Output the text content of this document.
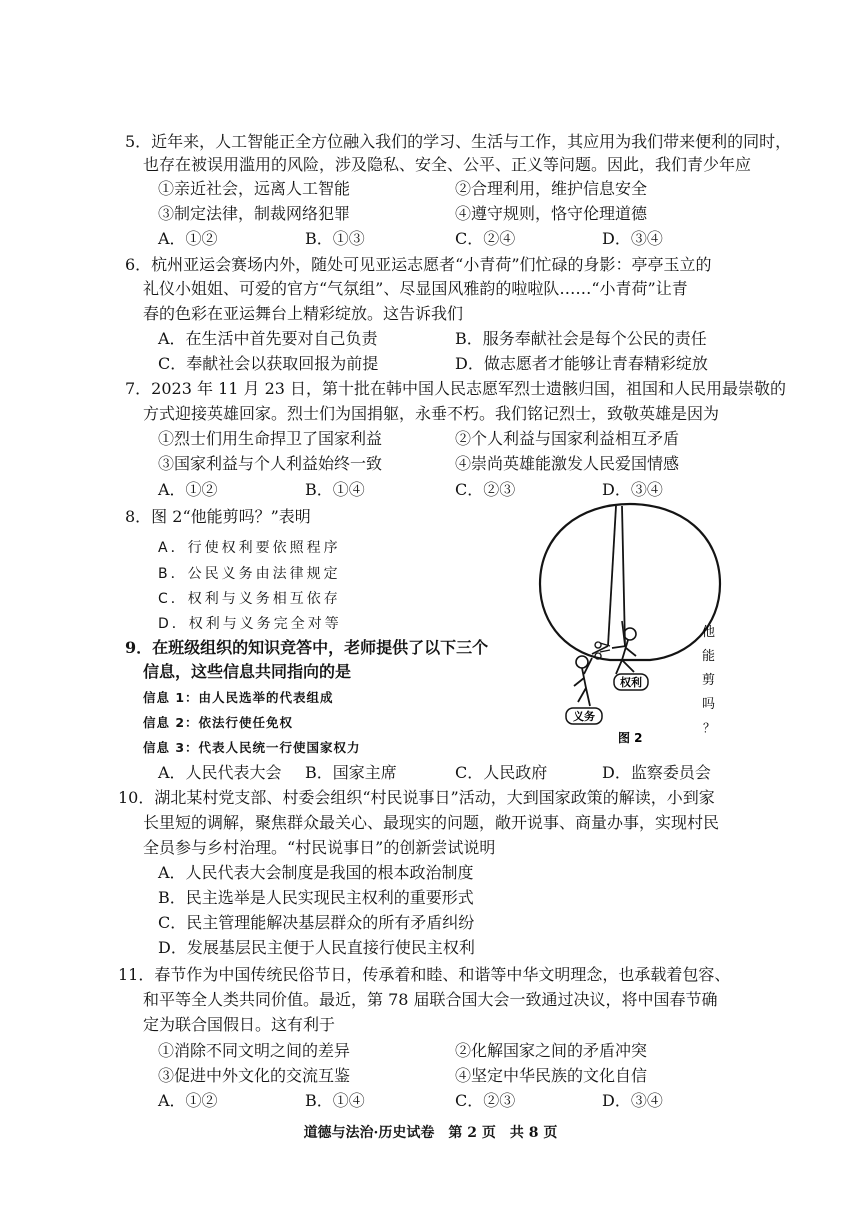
5．近年来，人工智能正全方位融入我们的学习、生活与工作，其应用为我们带来便利的同时，
也存在被误用滥用的风险，涉及隐私、安全、公平、正义等问题。因此，我们青少年应
①亲近社会，远离人工智能	②合理利用，维护信息安全
③制定法律，制裁网络犯罪	④遵守规则，恪守伦理道德
A．①②	B．①③	C．②④	D．③④
6．杭州亚运会赛场内外，随处可见亚运志愿者“小青荷”们忙碌的身影：亭亭玉立的
礼仪小姐姐、可爱的官方“气氛组”、尽显国风雅韵的啦啦队……“小青荷”让青
春的色彩在亚运舞台上精彩绽放。这告诉我们
A．在生活中首先要对自己负责	B．服务奉献社会是每个公民的责任
C．奉献社会以获取回报为前提	D．做志愿者才能够让青春精彩绽放
7．2023 年 11 月 23 日，第十批在韩中国人民志愿军烈士遗骸归国，祖国和人民用最崇敬的
方式迎接英雄回家。烈士们为国捐躯，永垂不朽。我们铭记烈士，致敬英雄是因为
①烈士们用生命捍卫了国家利益	②个人利益与国家利益相互矛盾
③国家利益与个人利益始终一致	④崇尚英雄能激发人民爱国情感
A．①②	B．①④	C．②③	D．③④
8．图 2“他能剪吗？”表明
A．行使权利要依照程序
B．公民义务由法律规定
C．权利与义务相互依存
D．权利与义务完全对等
9．在班级组织的知识竞答中，老师提供了以下三个
信息，这些信息共同指向的是
信息 1：由人民选举的代表组成
信息 2：依法行使任免权
信息 3：代表人民统一行使国家权力
A．人民代表大会 B．国家主席	C．人民政府	D．监察委员会
权利
义务
他
能
剪
吗
？
图 2
10．湖北某村党支部、村委会组织“村民说事日”活动，大到国家政策的解读，小到家
长里短的调解，聚焦群众最关心、最现实的问题，敞开说事、商量办事，实现村民
全员参与乡村治理。“村民说事日”的创新尝试说明
A．人民代表大会制度是我国的根本政治制度
B．民主选举是人民实现民主权利的重要形式
C．民主管理能解决基层群众的所有矛盾纠纷
D．发展基层民主便于人民直接行使民主权利
11．春节作为中国传统民俗节日，传承着和睦、和谐等中华文明理念，也承载着包容、
和平等全人类共同价值。最近，第 78 届联合国大会一致通过决议，将中国春节确
定为联合国假日。这有利于
①消除不同文明之间的差异	②化解国家之间的矛盾冲突
③促进中外文化的交流互鉴	④坚定中华民族的文化自信
A．①②	B．①④	C．②③	D．③④
道德与法治·历史试卷　第 2 页　共 8 页
